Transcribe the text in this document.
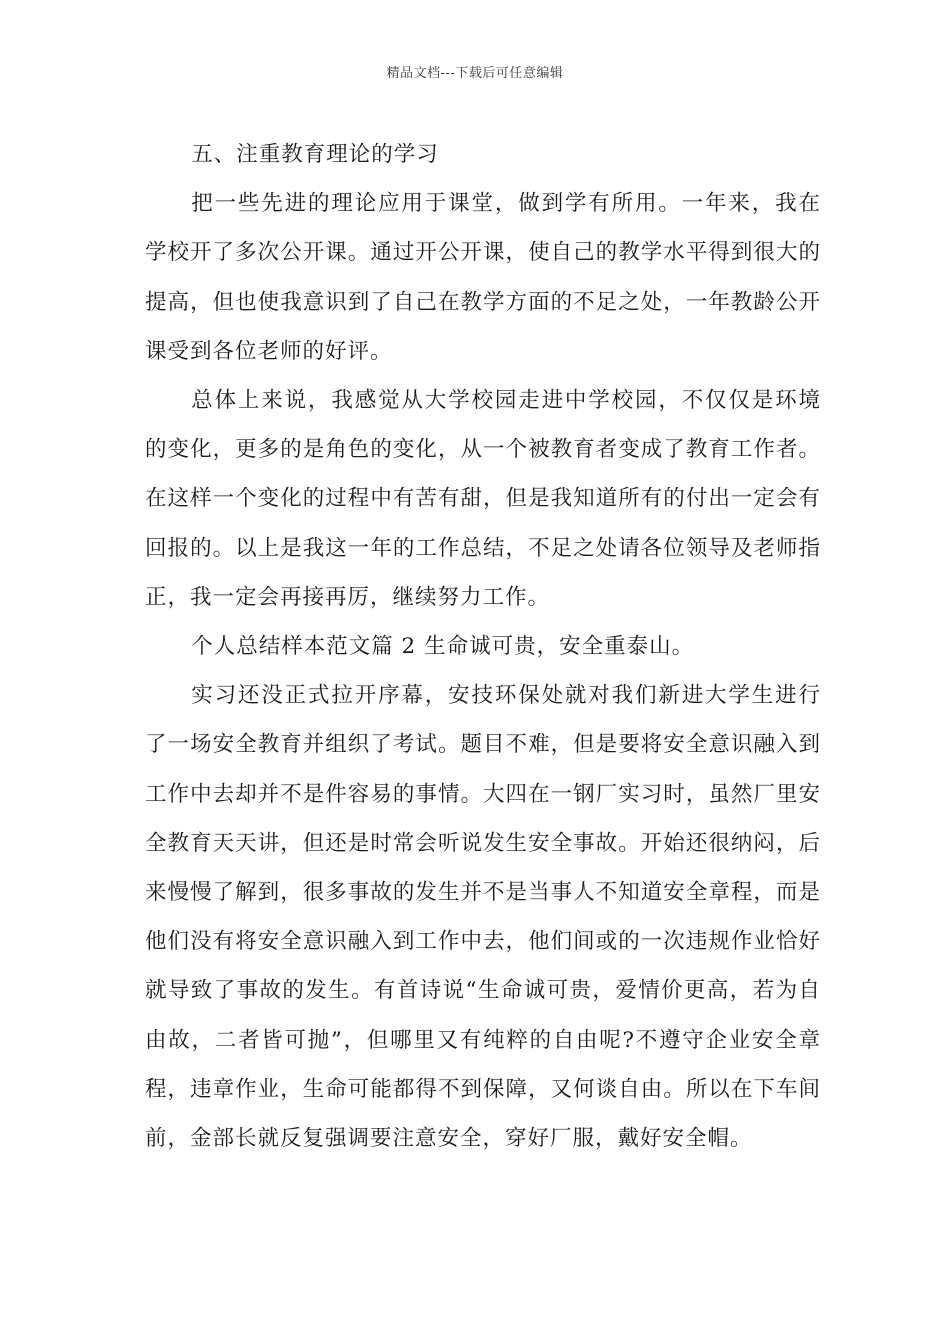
精品文档---下载后可任意编辑

五、注重教育理论的学习

把一些先进的理论应用于课堂，做到学有所用。一年来，我在学校开了多次公开课。通过开公开课，使自己的教学水平得到很大的提高，但也使我意识到了自己在教学方面的不足之处，一年教龄公开课受到各位老师的好评。

总体上来说，我感觉从大学校园走进中学校园，不仅仅是环境的变化，更多的是角色的变化，从一个被教育者变成了教育工作者。在这样一个变化的过程中有苦有甜，但是我知道所有的付出一定会有回报的。以上是我这一年的工作总结，不足之处请各位领导及老师指正，我一定会再接再厉，继续努力工作。

个人总结样本范文篇 2 生命诚可贵，安全重泰山。

实习还没正式拉开序幕，安技环保处就对我们新进大学生进行了一场安全教育并组织了考试。题目不难，但是要将安全意识融入到工作中去却并不是件容易的事情。大四在一钢厂实习时，虽然厂里安全教育天天讲，但还是时常会听说发生安全事故。开始还很纳闷，后来慢慢了解到，很多事故的发生并不是当事人不知道安全章程，而是他们没有将安全意识融入到工作中去，他们间或的一次违规作业恰好就导致了事故的发生。有首诗说“生命诚可贵，爱情价更高，若为自由故，二者皆可抛”，但哪里又有纯粹的自由呢?不遵守企业安全章程，违章作业，生命可能都得不到保障，又何谈自由。所以在下车间前，金部长就反复强调要注意安全，穿好厂服，戴好安全帽。
